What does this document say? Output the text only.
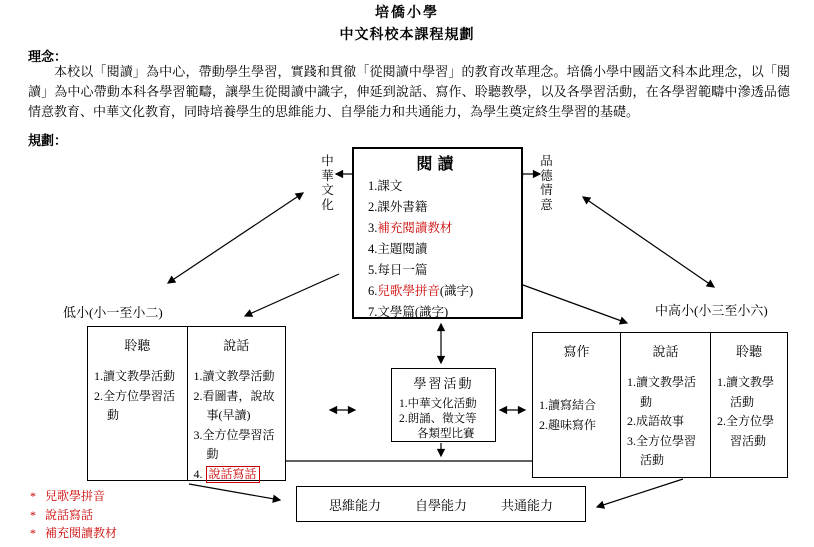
培僑小學
中文科校本課程規劃
理念：
本校以「閱讀」為中心，帶動學生學習，實踐和貫徹「從閱讀中學習」的教育改革理念。培僑小學中國語文科本此理念，以「閱讀」為中心帶動本科各學習範疇，讓學生從閱讀中識字，伸延到說話、寫作、聆聽教學，以及各學習活動，在各學習範疇中滲透品德情意教育、中華文化教育，同時培養學生的思維能力、自學能力和共通能力，為學生奠定終生學習的基礎。
規劃：
閱讀
1.課文
2.課外書籍
3.補充閱讀教材
4.主題閱讀
5.每日一篇
6.兒歌學拼音(識字)
7.文學篇(識字)
中華文化
品德情意
低小(小一至小二)	中高小(小三至小六)
聆聽
1.讀文教學活動
2.全方位學習活動
說話
1.讀文教學活動
2.看圖書，說故事(早讀)
3.全方位學習活動
4. 說話寫話
寫作
1.讀寫結合
2.趣味寫作
說話
1.讀文教學活動
2.成語故事
3.全方位學習活動
聆聽
1.讀文教學活動
2.全方位學習活動
學習活動
1.中華文化活動
2.朗誦、徵文等
各類型比賽
思維能力	自學能力	共通能力
* 兒歌學拼音
* 說話寫話
* 補充閱讀教材
